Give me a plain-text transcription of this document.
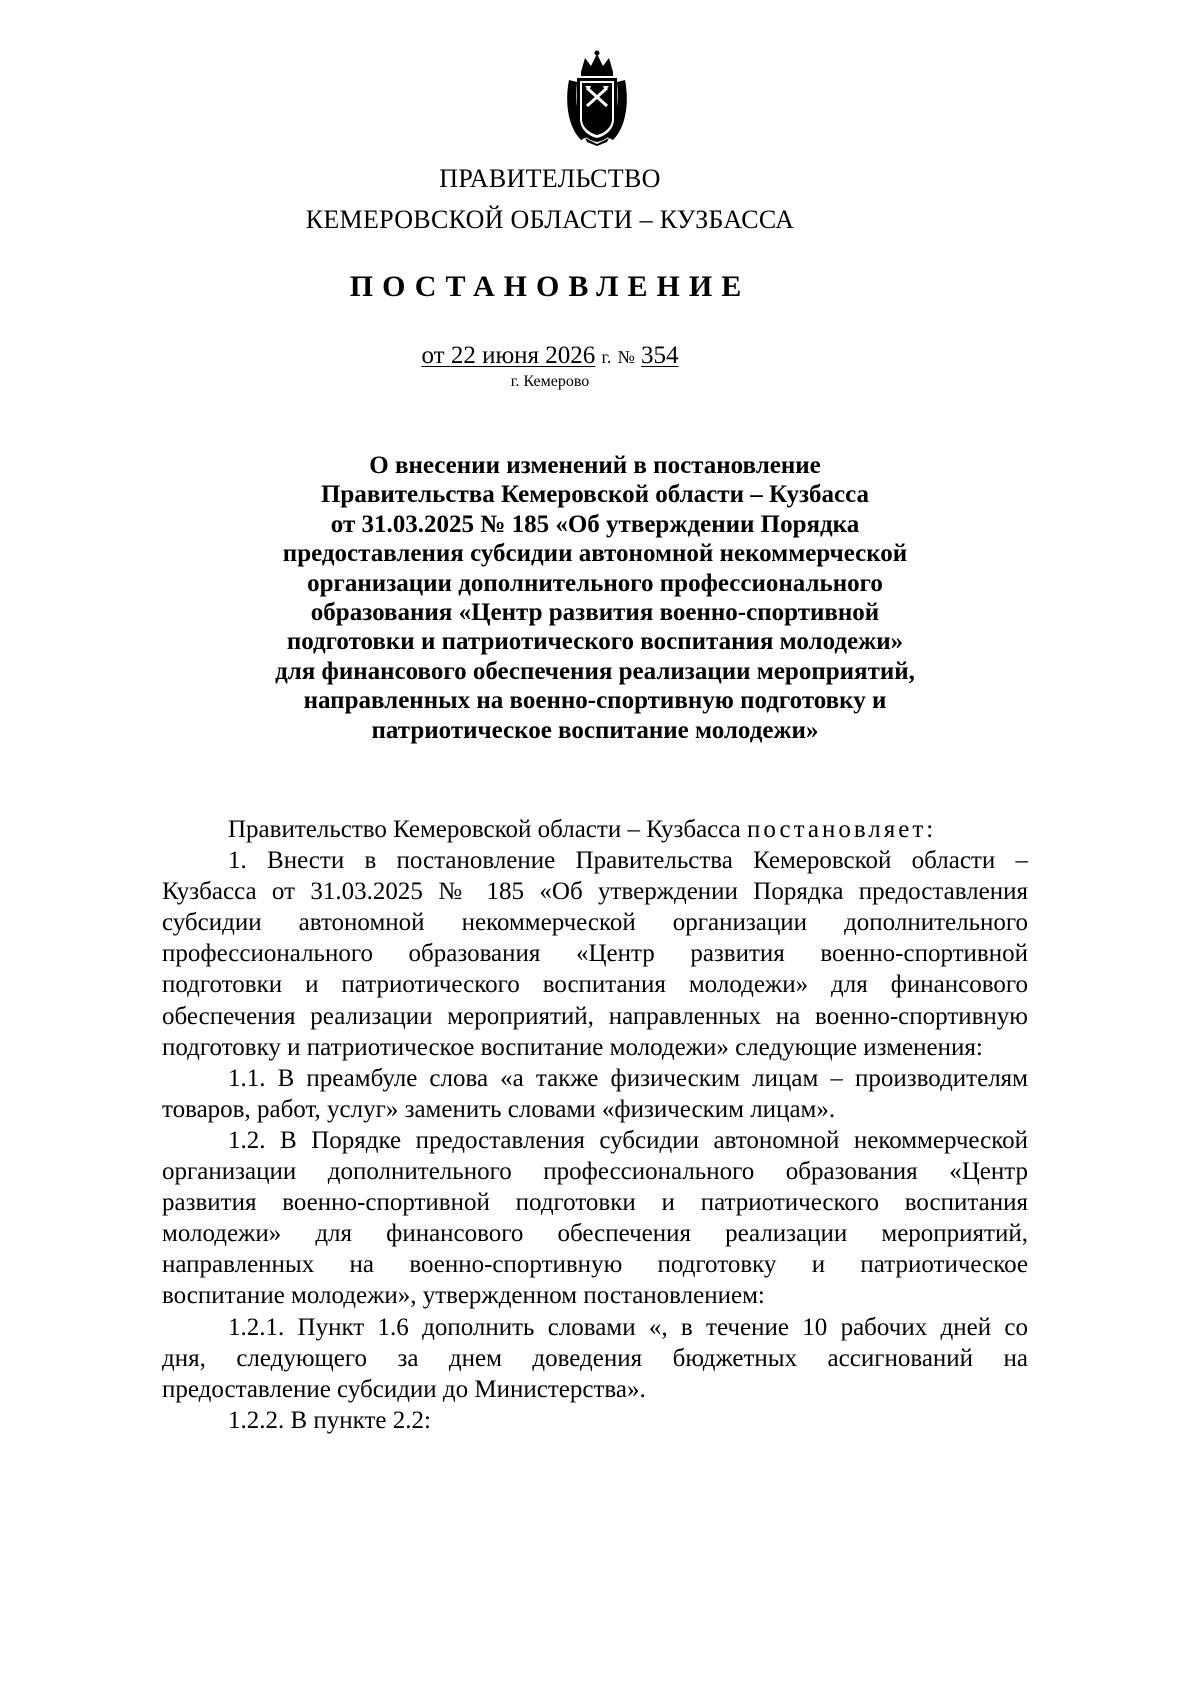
ПРАВИТЕЛЬСТВО
КЕМЕРОВСКОЙ ОБЛАСТИ – КУЗБАССА
ПОСТАНОВЛЕНИЕ
от 22 июня 2026 г. № 354
г. Кемерово
О внесении изменений в постановление
Правительства Кемеровской области – Кузбасса
от 31.03.2025 № 185 «Об утверждении Порядка
предоставления субсидии автономной некоммерческой
организации дополнительного профессионального
образования «Центр развития военно-спортивной
подготовки и патриотического воспитания молодежи»
для финансового обеспечения реализации мероприятий,
направленных на военно-спортивную подготовку и
патриотическое воспитание молодежи»
Правительство Кемеровской области – Кузбасса постановляет:
1. Внести в постановление Правительства Кемеровской области –
Кузбасса от 31.03.2025 № 185 «Об утверждении Порядка предоставления
субсидии автономной некоммерческой организации дополнительного
профессионального образования «Центр развития военно-спортивной
подготовки и патриотического воспитания молодежи» для финансового
обеспечения реализации мероприятий, направленных на военно-спортивную
подготовку и патриотическое воспитание молодежи» следующие изменения:
1.1. В преамбуле слова «а также физическим лицам – производителям
товаров, работ, услуг» заменить словами «физическим лицам».
1.2. В Порядке предоставления субсидии автономной некоммерческой
организации дополнительного профессионального образования «Центр
развития военно-спортивной подготовки и патриотического воспитания
молодежи» для финансового обеспечения реализации мероприятий,
направленных на военно-спортивную подготовку и патриотическое
воспитание молодежи», утвержденном постановлением:
1.2.1. Пункт 1.6 дополнить словами «, в течение 10 рабочих дней со
дня, следующего за днем доведения бюджетных ассигнований на
предоставление субсидии до Министерства».
1.2.2. В пункте 2.2:
